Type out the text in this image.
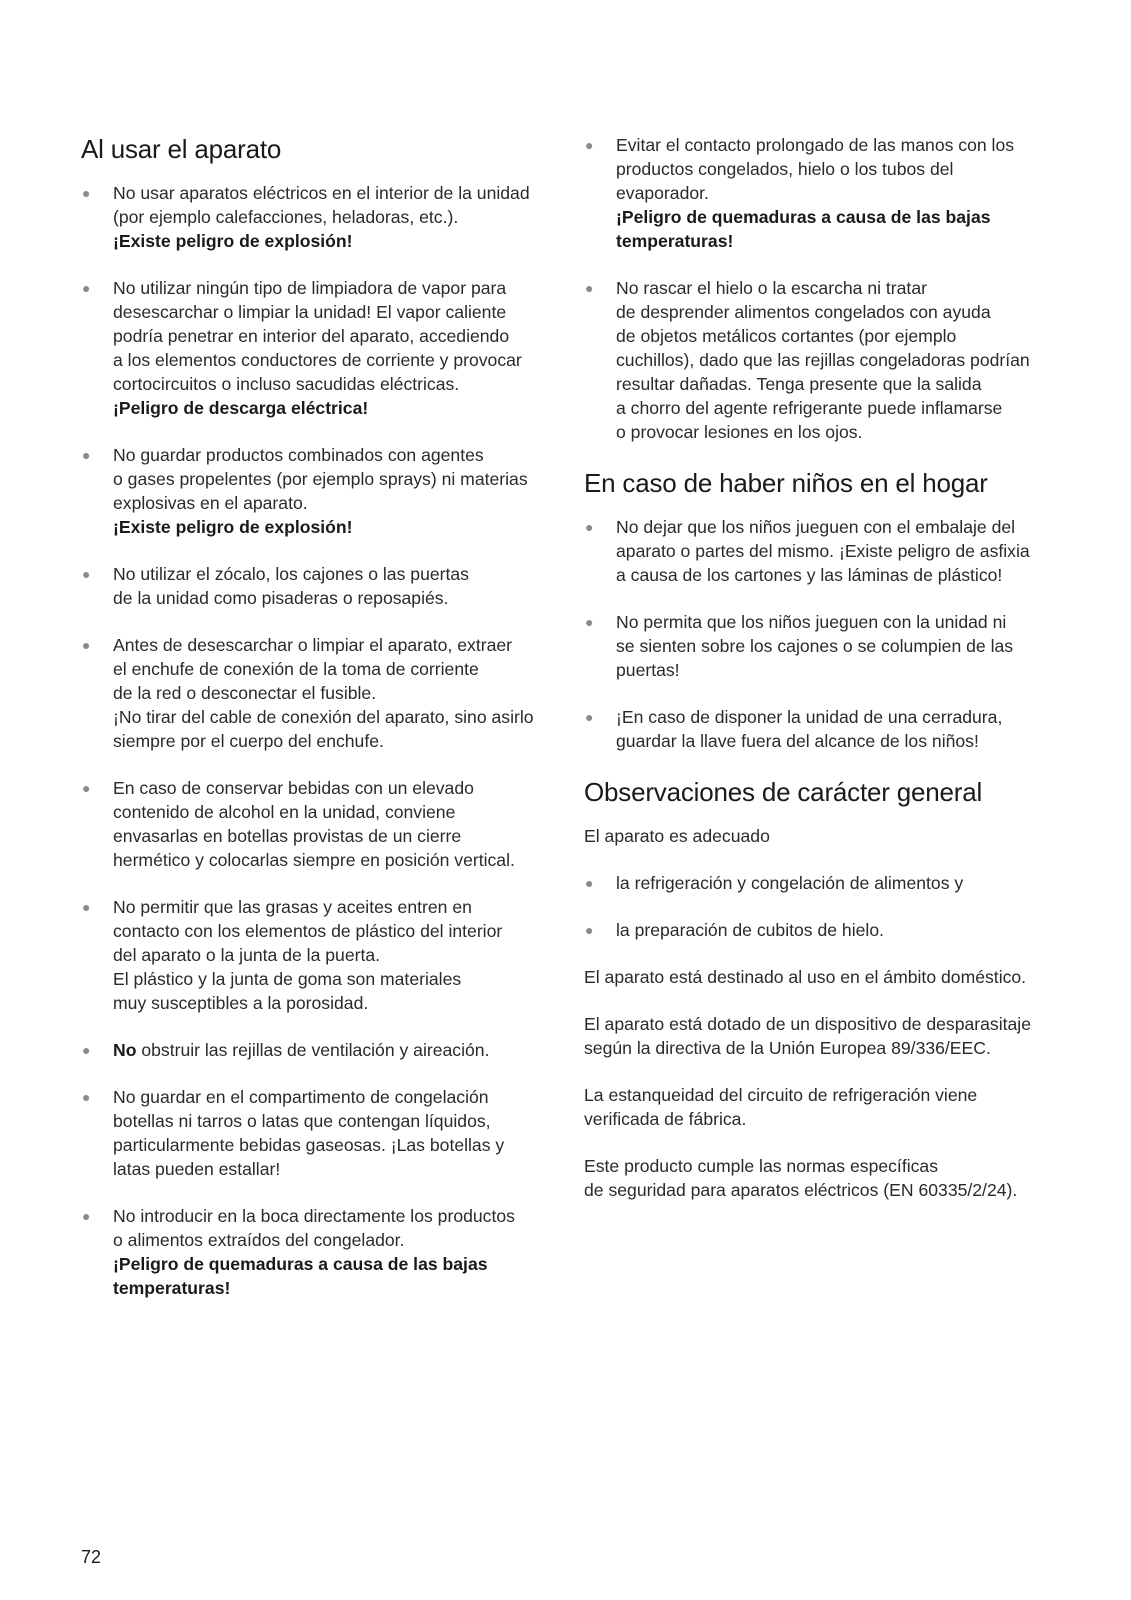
Al usar el aparato
● No usar aparatos eléctricos en el interior de la unidad
(por ejemplo calefacciones, heladoras, etc.).
¡Existe peligro de explosión!
● No utilizar ningún tipo de limpiadora de vapor para
desescarchar o limpiar la unidad! El vapor caliente
podría penetrar en interior del aparato, accediendo
a los elementos conductores de corriente y provocar
cortocircuitos o incluso sacudidas eléctricas.
¡Peligro de descarga eléctrica!
● No guardar productos combinados con agentes
o gases propelentes (por ejemplo sprays) ni materias
explosivas en el aparato.
¡Existe peligro de explosión!
● No utilizar el zócalo, los cajones o las puertas
de la unidad como pisaderas o reposapiés.
● Antes de desescarchar o limpiar el aparato, extraer
el enchufe de conexión de la toma de corriente
de la red o desconectar el fusible.
¡No tirar del cable de conexión del aparato, sino asirlo
siempre por el cuerpo del enchufe.
● En caso de conservar bebidas con un elevado
contenido de alcohol en la unidad, conviene
envasarlas en botellas provistas de un cierre
hermético y colocarlas siempre en posición vertical.
● No permitir que las grasas y aceites entren en
contacto con los elementos de plástico del interior
del aparato o la junta de la puerta.
El plástico y la junta de goma son materiales
muy susceptibles a la porosidad.
● No obstruir las rejillas de ventilación y aireación.
● No guardar en el compartimento de congelación
botellas ni tarros o latas que contengan líquidos,
particularmente bebidas gaseosas. ¡Las botellas y
latas pueden estallar!
● No introducir en la boca directamente los productos
o alimentos extraídos del congelador.
¡Peligro de quemaduras a causa de las bajas
temperaturas!
● Evitar el contacto prolongado de las manos con los
productos congelados, hielo o los tubos del
evaporador.
¡Peligro de quemaduras a causa de las bajas
temperaturas!
● No rascar el hielo o la escarcha ni tratar
de desprender alimentos congelados con ayuda
de objetos metálicos cortantes (por ejemplo
cuchillos), dado que las rejillas congeladoras podrían
resultar dañadas. Tenga presente que la salida
a chorro del agente refrigerante puede inflamarse
o provocar lesiones en los ojos.
En caso de haber niños en el hogar
● No dejar que los niños jueguen con el embalaje del
aparato o partes del mismo. ¡Existe peligro de asfixia
a causa de los cartones y las láminas de plástico!
● No permita que los niños jueguen con la unidad ni
se sienten sobre los cajones o se columpien de las
puertas!
● ¡En caso de disponer la unidad de una cerradura,
guardar la llave fuera del alcance de los niños!
Observaciones de carácter general

El aparato es adecuado

● la refrigeración y congelación de alimentos y
● la preparación de cubitos de hielo.

El aparato está destinado al uso en el ámbito doméstico.

El aparato está dotado de un dispositivo de desparasitaje
según la directiva de la Unión Europea 89/336/EEC.

La estanqueidad del circuito de refrigeración viene
verificada de fábrica.

Este producto cumple las normas específicas
de seguridad para aparatos eléctricos (EN 60335/2/24).

72
